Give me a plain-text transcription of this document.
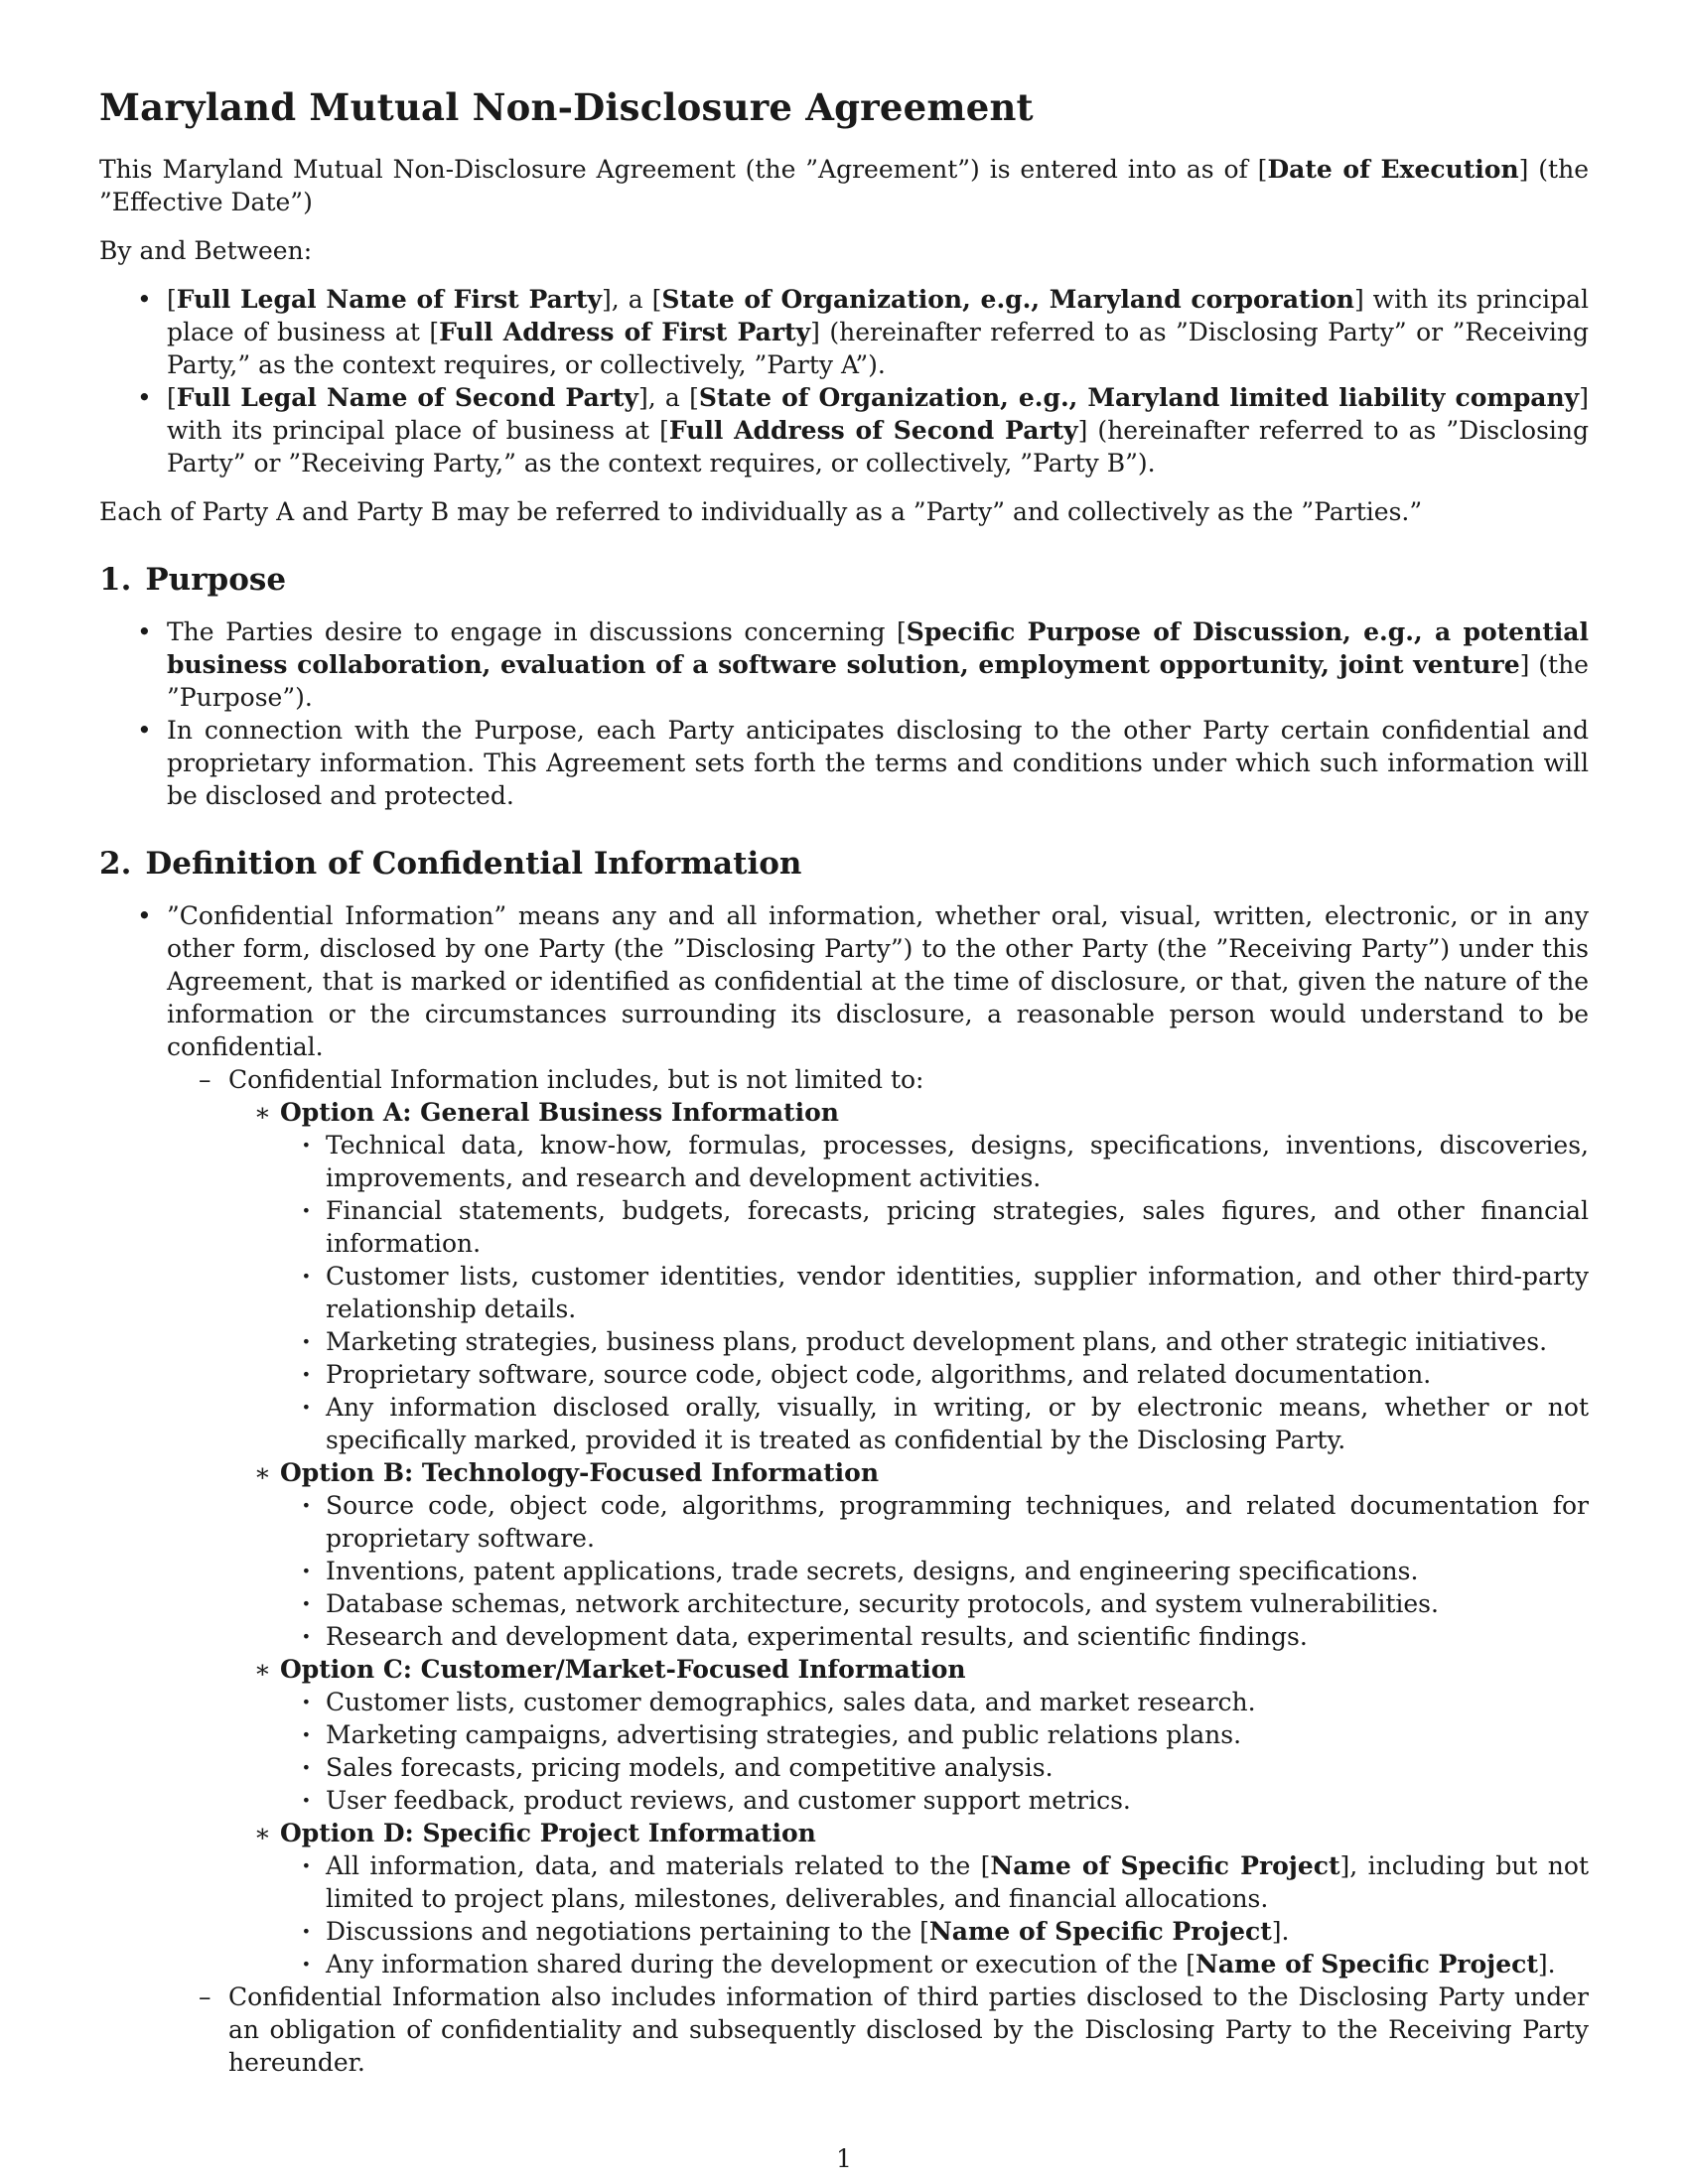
Maryland Mutual Non-Disclosure Agreement

This Maryland Mutual Non-Disclosure Agreement (the ”Agreement”) is entered into as of [Date of Execution] (the ”Effective Date”)

By and Between:

• [Full Legal Name of First Party], a [State of Organization, e.g., Maryland corporation] with its principal place of business at [Full Address of First Party] (hereinafter referred to as ”Disclosing Party” or ”Receiving Party,” as the context requires, or collectively, ”Party A”).
• [Full Legal Name of Second Party], a [State of Organization, e.g., Maryland limited liability company] with its principal place of business at [Full Address of Second Party] (hereinafter referred to as ”Disclosing Party” or ”Receiving Party,” as the context requires, or collectively, ”Party B”).

Each of Party A and Party B may be referred to individually as a ”Party” and collectively as the ”Parties.”

1. Purpose
• The Parties desire to engage in discussions concerning [Specific Purpose of Discussion, e.g., a potential business collaboration, evaluation of a software solution, employment opportunity, joint venture] (the ”Purpose”).
• In connection with the Purpose, each Party anticipates disclosing to the other Party certain confidential and proprietary information. This Agreement sets forth the terms and conditions under which such information will be disclosed and protected.
2. Definition of Confidential Information
• ”Confidential Information” means any and all information, whether oral, visual, written, electronic, or in any other form, disclosed by one Party (the ”Disclosing Party”) to the other Party (the ”Receiving Party”) under this Agreement, that is marked or identified as confidential at the time of disclosure, or that, given the nature of the information or the circumstances surrounding its disclosure, a reasonable person would understand to be confidential.
– Confidential Information includes, but is not limited to:
∗ Option A: General Business Information
· Technical data, know-how, formulas, processes, designs, specifications, inventions, discoveries, improvements, and research and development activities.
· Financial statements, budgets, forecasts, pricing strategies, sales figures, and other financial information.
· Customer lists, customer identities, vendor identities, supplier information, and other third-party relationship details.
· Marketing strategies, business plans, product development plans, and other strategic initiatives.
· Proprietary software, source code, object code, algorithms, and related documentation.
· Any information disclosed orally, visually, in writing, or by electronic means, whether or not specifically marked, provided it is treated as confidential by the Disclosing Party.
∗ Option B: Technology-Focused Information
· Source code, object code, algorithms, programming techniques, and related documentation for proprietary software.
· Inventions, patent applications, trade secrets, designs, and engineering specifications.
· Database schemas, network architecture, security protocols, and system vulnerabilities.
· Research and development data, experimental results, and scientific findings.
∗ Option C: Customer/Market-Focused Information
· Customer lists, customer demographics, sales data, and market research.
· Marketing campaigns, advertising strategies, and public relations plans.
· Sales forecasts, pricing models, and competitive analysis.
· User feedback, product reviews, and customer support metrics.
∗ Option D: Specific Project Information
· All information, data, and materials related to the [Name of Specific Project], including but not limited to project plans, milestones, deliverables, and financial allocations.
· Discussions and negotiations pertaining to the [Name of Specific Project].
· Any information shared during the development or execution of the [Name of Specific Project].
– Confidential Information also includes information of third parties disclosed to the Disclosing Party under an obligation of confidentiality and subsequently disclosed by the Disclosing Party to the Receiving Party hereunder.
1
